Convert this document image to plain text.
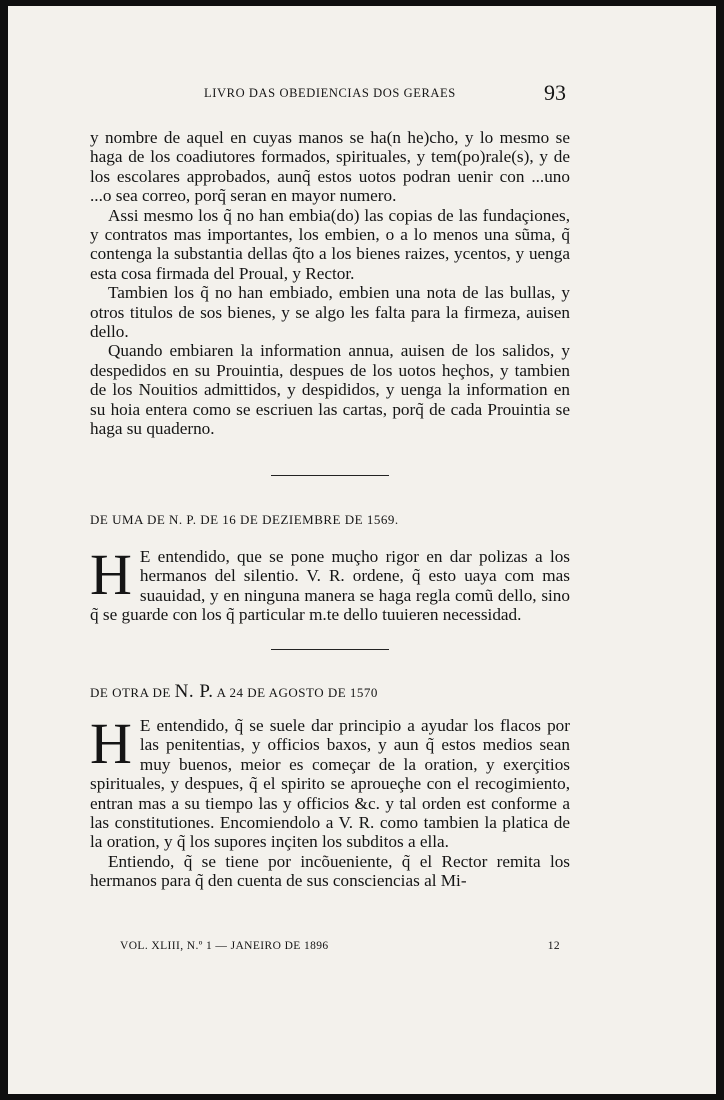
LIVRO DAS OBEDIENCIAS DOS GERAES	93

y nombre de aquel en cuyas manos se ha(n he)cho, y lo mesmo se haga de los coadiutores formados, spirituales, y tem(po)rale(s), y de los escolares approbados, aunq̃ estos uotos podran uenir con ...uno ...o sea correo, porq̃ seran en mayor numero.

Assi mesmo los q̃ no han embia(do) las copias de las fundaçiones, y contratos mas importantes, los embien, o a lo menos una sũma, q̃ contenga la substantia dellas q̃to a los bienes raizes, ycentos, y uenga esta cosa firmada del Proual, y Rector.

Tambien los q̃ no han embiado, embien una nota de las bullas, y otros titulos de sos bienes, y se algo les falta para la firmeza, auisen dello.

Quando embiaren la information annua, auisen de los salidos, y despedidos en su Prouintia, despues de los uotos heçhos, y tambien de los Nouitios admittidos, y despididos, y uenga la information en su hoia entera como se escriuen las cartas, porq̃ de cada Prouintia se haga su quaderno.

DE UMA DE N. P. DE 16 DE DEZIEMBRE DE 1569.

H E entendido, que se pone muçho rigor en dar polizas a los hermanos del silentio. V. R. ordene, q̃ esto uaya com mas suauidad, y en ninguna manera se haga regla comũ dello, sino q̃ se guarde con los q̃ particular m.te dello tuuieren necessidad.

DE OTRA DE N. P. A 24 DE AGOSTO DE 1570

H E entendido, q̃ se suele dar principio a ayudar los flacos por las penitentias, y officios baxos, y aun q̃ estos medios sean muy buenos, meior es começar de la oration, y exerçitios spirituales, y despues, q̃ el spirito se aproueçhe con el recogimiento, entran mas a su tiempo las y officios &c. y tal orden est conforme a las constitutiones. Encomiendolo a V. R. como tambien la platica de la oration, y q̃ los supores inçiten los subditos a ella.

Entiendo, q̃ se tiene por incõueniente, q̃ el Rector remita los hermanos para q̃ den cuenta de sus consciencias al Mi-

VOL. XLIII, N.º 1 — JANEIRO DE 1896	12
